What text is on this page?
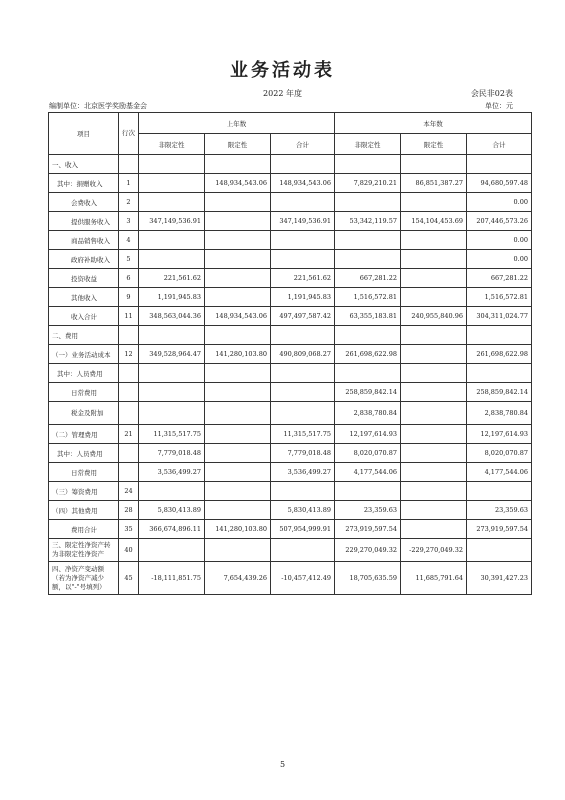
业务活动表
2022 年度	会民非02表
编制单位：北京医学奖励基金会	单位：元
项目	行次	上年数			本年数		
		非限定性	限定性	合计	非限定性	限定性	合计
一、收入							
其中：捐赠收入	1		148,934,543.06	148,934,543.06	7,829,210.21	86,851,387.27	94,680,597.48
会费收入	2						0.00
提供服务收入	3	347,149,536.91		347,149,536.91	53,342,119.57	154,104,453.69	207,446,573.26
商品销售收入	4						0.00
政府补助收入	5						0.00
投资收益	6	221,561.62		221,561.62	667,281.22		667,281.22
其他收入	9	1,191,945.83		1,191,945.83	1,516,572.81		1,516,572.81
收入合计	11	348,563,044.36	148,934,543.06	497,497,587.42	63,355,183.81	240,955,840.96	304,311,024.77
二、费用							
（一）业务活动成本	12	349,528,964.47	141,280,103.80	490,809,068.27	261,698,622.98		261,698,622.98
其中：人员费用							
日常费用					258,859,842.14		258,859,842.14
税金及附加					2,838,780.84		2,838,780.84
（二）管理费用	21	11,315,517.75		11,315,517.75	12,197,614.93		12,197,614.93
其中：人员费用		7,779,018.48		7,779,018.48	8,020,070.87		8,020,070.87
日常费用		3,536,499.27		3,536,499.27	4,177,544.06		4,177,544.06
（三）筹资费用	24						
（四）其他费用	28	5,830,413.89		5,830,413.89	23,359.63		23,359.63
费用合计	35	366,674,896.11	141,280,103.80	507,954,999.91	273,919,597.54		273,919,597.54
三、限定性净资产转为非限定性净资产	40				229,270,049.32	-229,270,049.32	
四、净资产变动额（若为净资产减少额，以"-"号填列）	45	-18,111,851.75	7,654,439.26	-10,457,412.49	18,705,635.59	11,685,791.64	30,391,427.23
5
